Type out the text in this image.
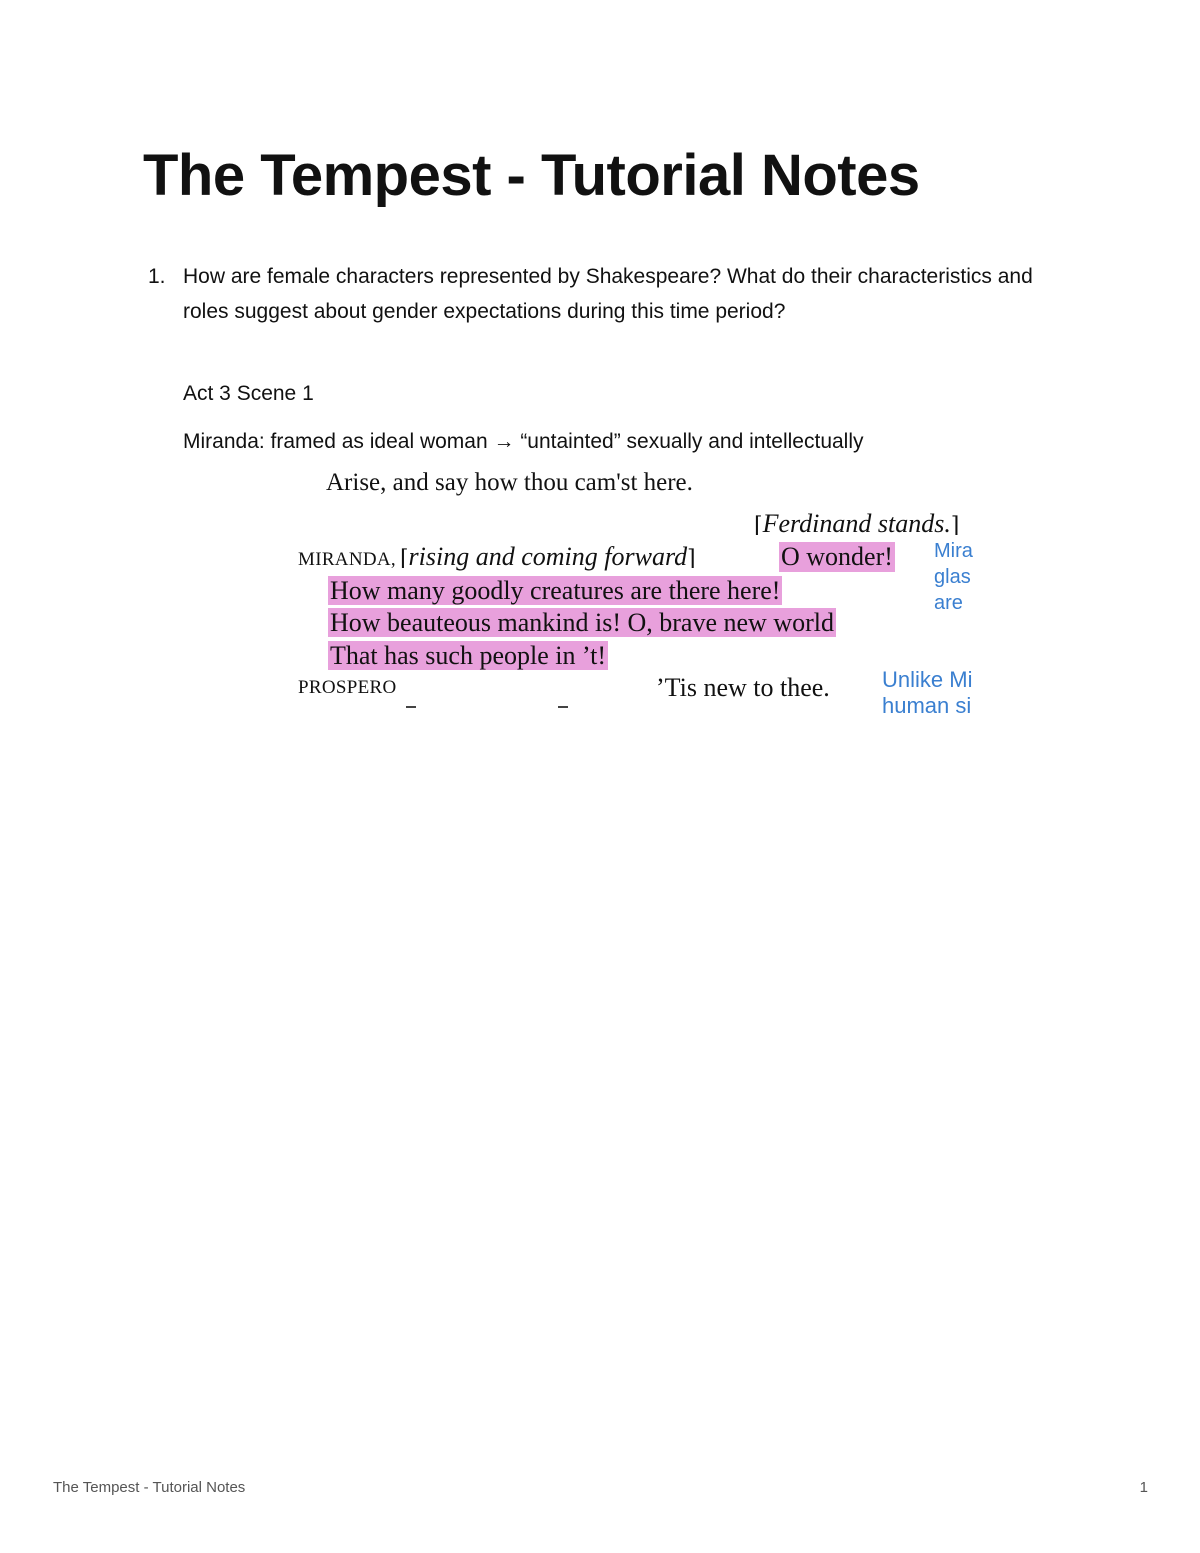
The Tempest - Tutorial Notes
1. How are female characters represented by Shakespeare? What do their characteristics and roles suggest about gender expectations during this time period?

Act 3 Scene 1

Miranda: framed as ideal woman → “untainted” sexually and intellectually

Arise, and say how thou cam'st here.
⌈Ferdinand stands.⌉
MIRANDA, ⌈rising and coming forward⌉	O wonder!
How many goodly creatures are there here!
How beauteous mankind is! O, brave new world
That has such people in ’t!
PROSPERO	’Tis new to thee.
Mira
glas
are
Unlike Mi
human si
The Tempest - Tutorial Notes	1
